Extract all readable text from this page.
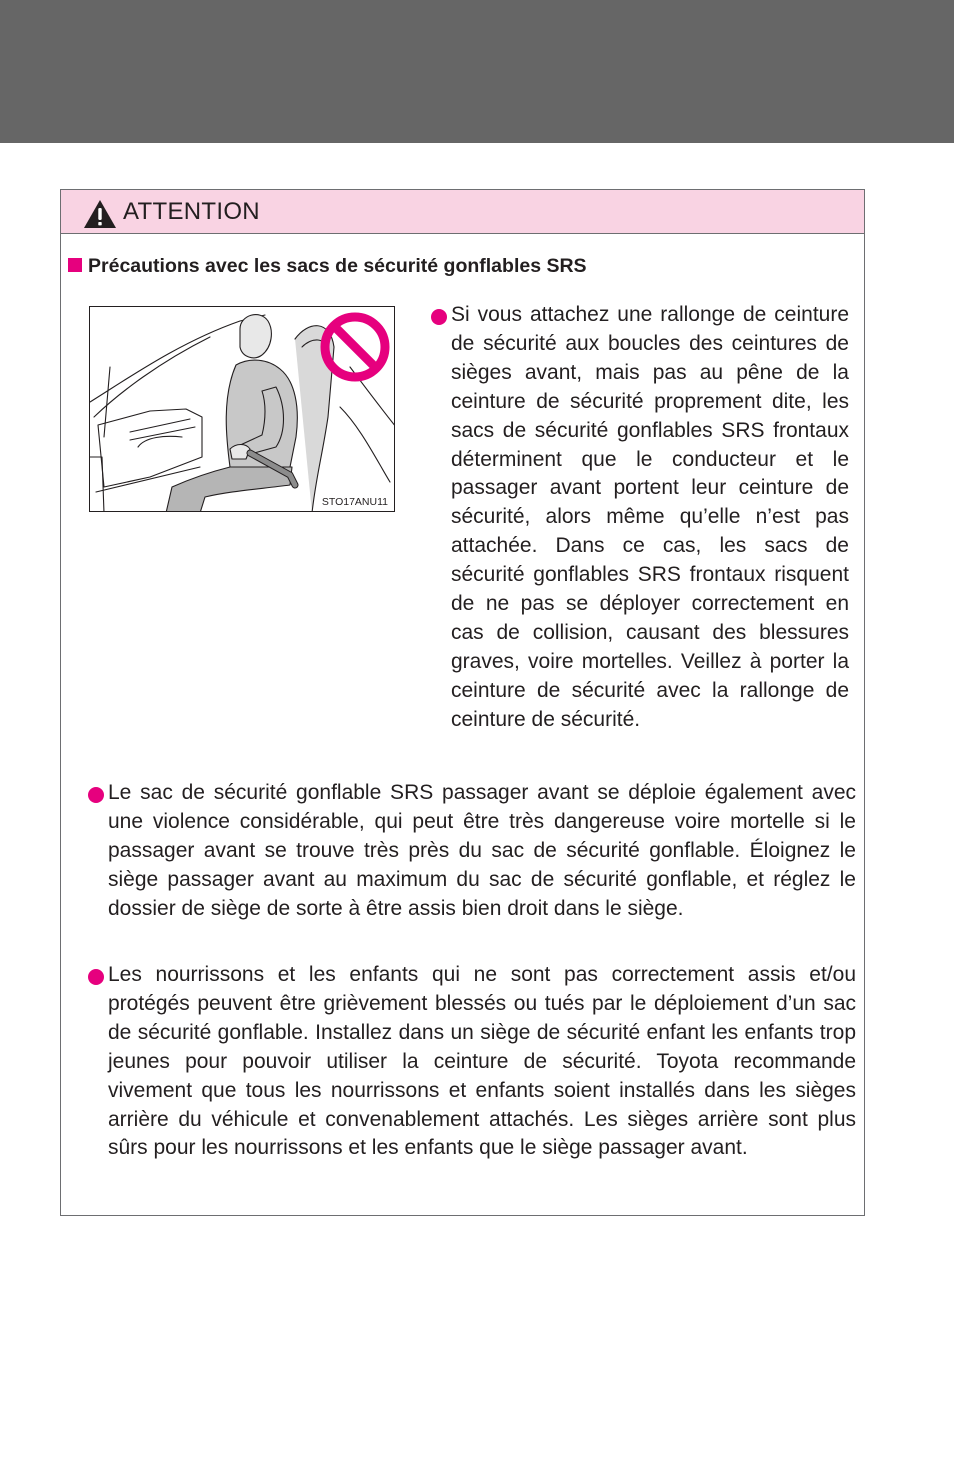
ATTENTION
Précautions avec les sacs de sécurité gonflables SRS
STO17ANU11

Si vous attachez une rallonge de ceinture de sécurité aux boucles des ceintures de sièges avant, mais pas au pêne de la ceinture de sécurité proprement dite, les sacs de sécurité gonflables SRS frontaux déterminent que le conducteur et le passager avant portent leur ceinture de sécurité, alors même qu’elle n’est pas attachée. Dans ce cas, les sacs de sécurité gonflables SRS frontaux risquent de ne pas se déployer correctement en cas de collision, causant des blessures graves, voire mortelles. Veillez à porter la ceinture de sécurité avec la rallonge de ceinture de sécurité.

Le sac de sécurité gonflable SRS passager avant se déploie également avec une violence considérable, qui peut être très dangereuse voire mortelle si le passager avant se trouve très près du sac de sécurité gonflable. Éloignez le siège passager avant au maximum du sac de sécurité gonflable, et réglez le dossier de siège de sorte à être assis bien droit dans le siège.

Les nourrissons et les enfants qui ne sont pas correctement assis et/ou protégés peuvent être grièvement blessés ou tués par le déploiement d’un sac de sécurité gonflable. Installez dans un siège de sécurité enfant les enfants trop jeunes pour pouvoir utiliser la ceinture de sécurité. Toyota recommande vivement que tous les nourrissons et enfants soient installés dans les sièges arrière du véhicule et convenablement attachés. Les sièges arrière sont plus sûrs pour les nourrissons et les enfants que le siège passager avant.
